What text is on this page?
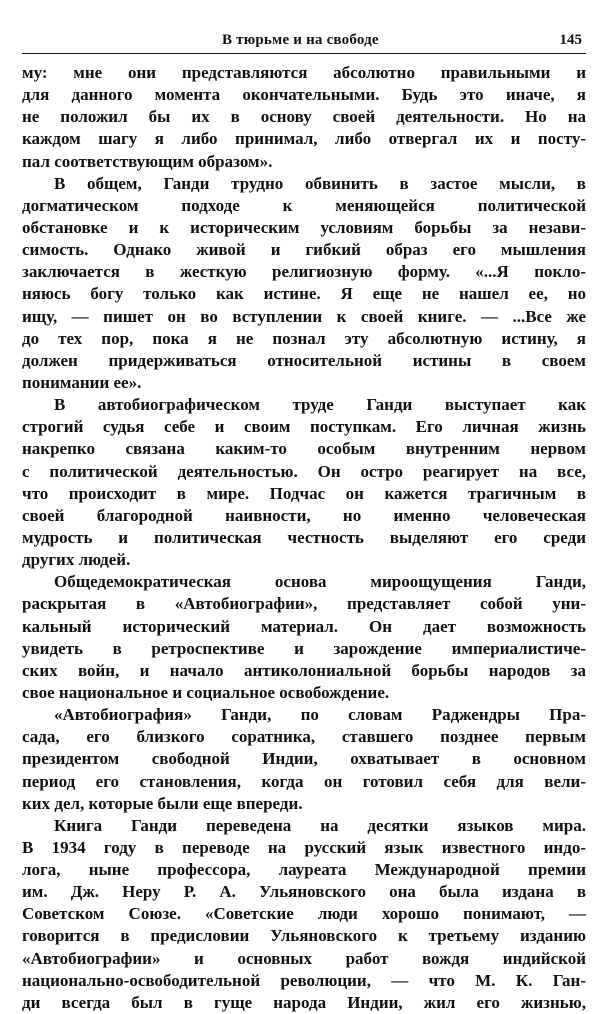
В тюрьме и на свободе	145
му: мне они представляются абсолютно правильными и
для данного момента окончательными. Будь это иначе, я
не положил бы их в основу своей деятельности. Но на
каждом шагу я либо принимал, либо отвергал их и посту-
пал соответствующим образом».
В общем, Ганди трудно обвинить в застое мысли, в
догматическом подходе к меняющейся политической
обстановке и к историческим условиям борьбы за незави-
симость. Однако живой и гибкий образ его мышления
заключается в жесткую религиозную форму. «...Я покло-
няюсь богу только как истине. Я еще не нашел ее, но
ищу, — пишет он во вступлении к своей книге. — ...Все же
до тех пор, пока я не познал эту абсолютную истину, я
должен придерживаться относительной истины в своем
понимании ее».
В автобиографическом труде Ганди выступает как
строгий судья себе и своим поступкам. Его личная жизнь
накрепко связана каким-то особым внутренним нервом
с политической деятельностью. Он остро реагирует на все,
что происходит в мире. Подчас он кажется трагичным в
своей благородной наивности, но именно человеческая
мудрость и политическая честность выделяют его среди
других людей.
Общедемократическая основа мироощущения Ганди,
раскрытая в «Автобиографии», представляет собой уни-
кальный исторический материал. Он дает возможность
увидеть в ретроспективе и зарождение империалистиче-
ских войн, и начало антиколониальной борьбы народов за
свое национальное и социальное освобождение.
«Автобиография» Ганди, по словам Раджендры Пра-
сада, его близкого соратника, ставшего позднее первым
президентом свободной Индии, охватывает в основном
период его становления, когда он готовил себя для вели-
ких дел, которые были еще впереди.
Книга Ганди переведена на десятки языков мира.
В 1934 году в переводе на русский язык известного индо-
лога, ныне профессора, лауреата Международной премии
им. Дж. Неру Р. А. Ульяновского она была издана в
Советском Союзе. «Советские люди хорошо понимают, —
говорится в предисловии Ульяновского к третьему изданию
«Автобиографии» и основных работ вождя индийской
национально-освободительной революции, — что М. К. Ган-
ди всегда был в гуще народа Индии, жил его жизнью,
